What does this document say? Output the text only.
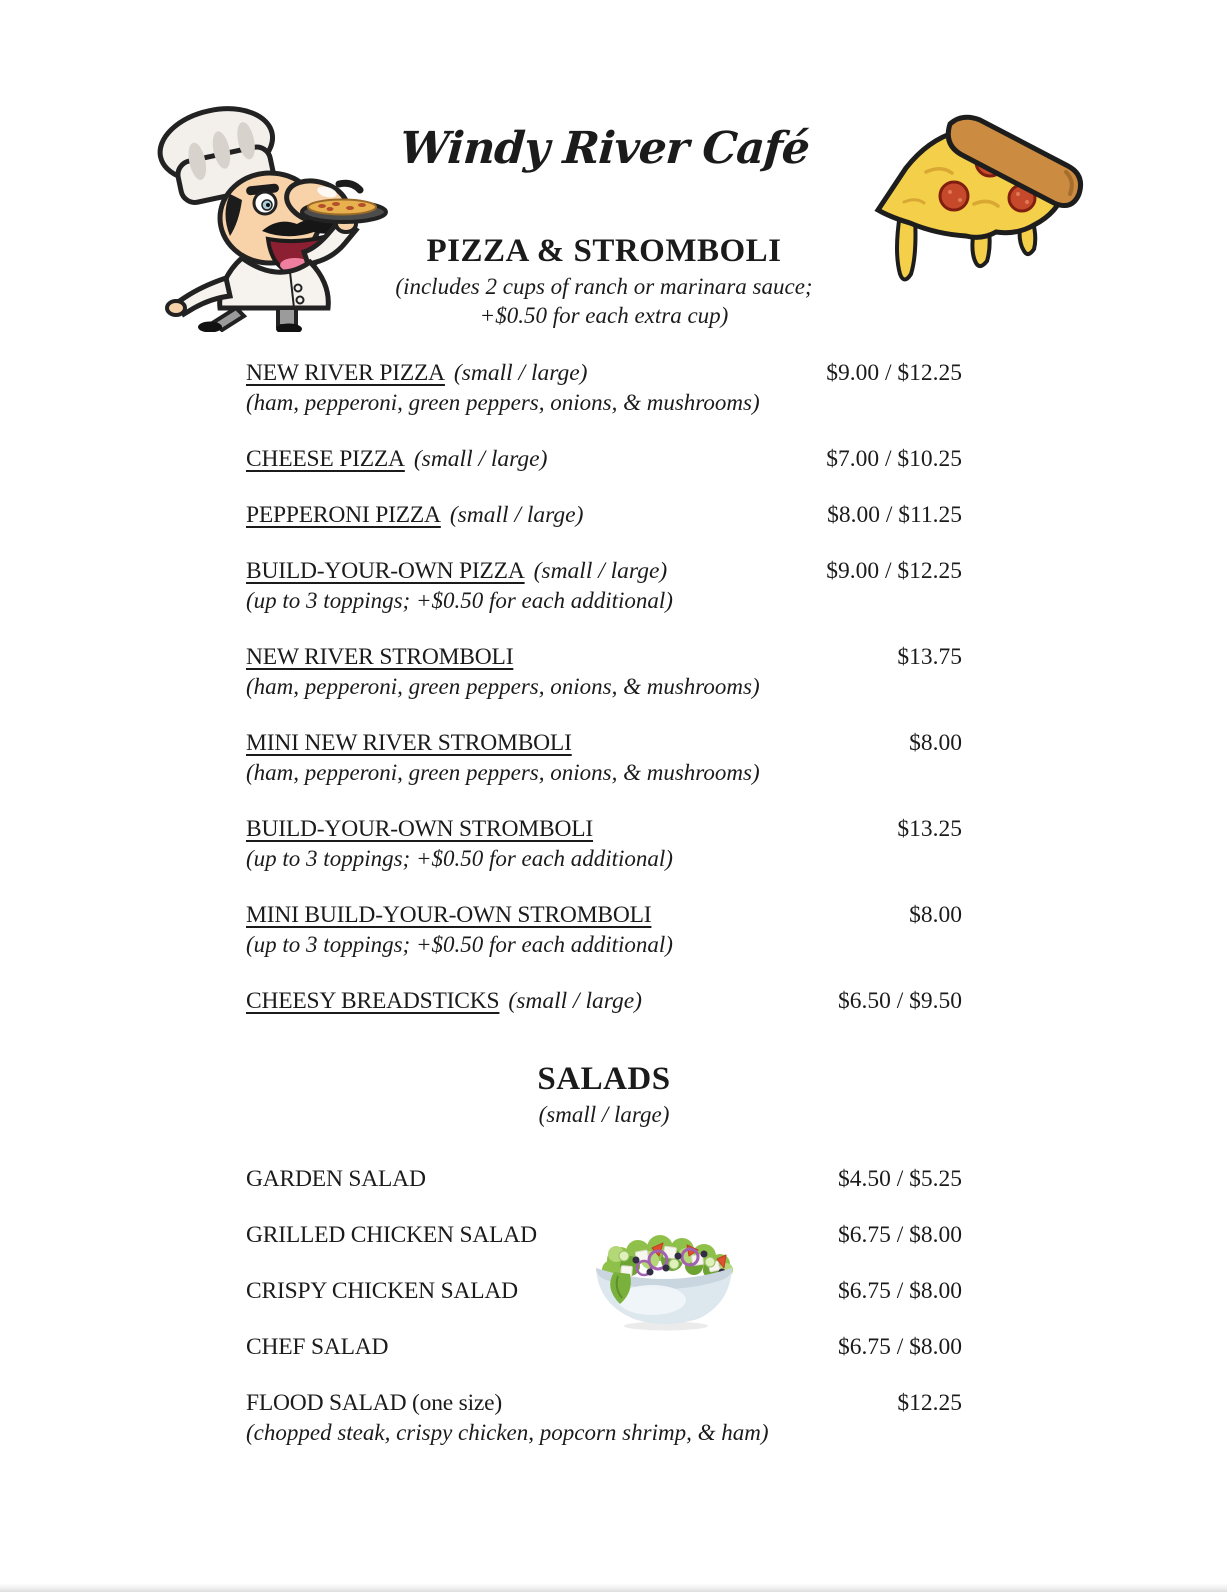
Windy River Café
PIZZA & STROMBOLI
(includes 2 cups of ranch or marinara sauce;
+$0.50 for each extra cup)
NEW RIVER PIZZA (small / large)	$9.00 / $12.25
(ham, pepperoni, green peppers, onions, & mushrooms)
CHEESE PIZZA (small / large)	$7.00 / $10.25
PEPPERONI PIZZA (small / large)	$8.00 / $11.25
BUILD-YOUR-OWN PIZZA (small / large)	$9.00 / $12.25
(up to 3 toppings; +$0.50 for each additional)
NEW RIVER STROMBOLI	$13.75
(ham, pepperoni, green peppers, onions, & mushrooms)
MINI NEW RIVER STROMBOLI	$8.00
(ham, pepperoni, green peppers, onions, & mushrooms)
BUILD-YOUR-OWN STROMBOLI	$13.25
(up to 3 toppings; +$0.50 for each additional)
MINI BUILD-YOUR-OWN STROMBOLI	$8.00
(up to 3 toppings; +$0.50 for each additional)
CHEESY BREADSTICKS (small / large)	$6.50 / $9.50
SALADS
(small / large)
GARDEN SALAD	$4.50 / $5.25
GRILLED CHICKEN SALAD	$6.75 / $8.00
CRISPY CHICKEN SALAD	$6.75 / $8.00
CHEF SALAD	$6.75 / $8.00
FLOOD SALAD (one size)	$12.25
(chopped steak, crispy chicken, popcorn shrimp, & ham)
